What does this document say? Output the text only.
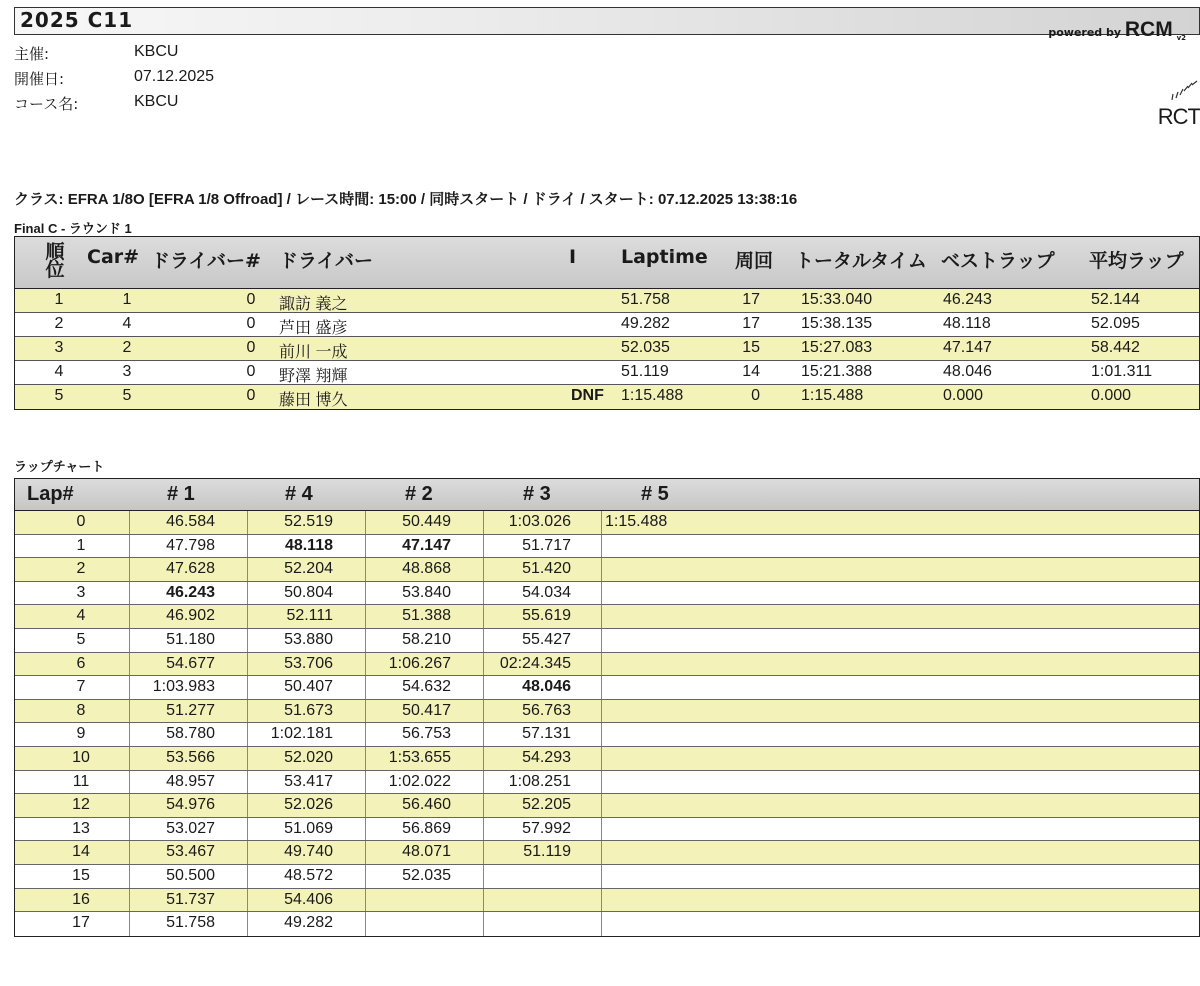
2025 C11
powered by RCM v2
主催:	KBCU
開催日:	07.12.2025
コース名:	KBCU
RCT
クラス: EFRA 1/8O [EFRA 1/8 Offroad] / レース時間: 15:00 / 同時スタート / ドライ / スタート: 07.12.2025 13:38:16
Final C - ラウンド 1
順位
Car# ドライバー# ドライバー	I Laptime 周回 トータルタイム ベストラップ 平均ラップ
1	1	0 諏訪 義之	51.758	17	15:33.040	46.243	52.144
2	4	0 芦田 盛彦	49.282	17	15:38.135	48.118	52.095
3	2	0 前川 一成	52.035	15	15:27.083	47.147	58.442
4	3	0 野澤 翔輝	51.119	14	15:21.388	48.046	1:01.311
5	5	0 藤田 博久	DNF 1:15.488	0	1:15.488	0.000	0.000
ラップチャート
Lap#	# 1	# 4	# 2	# 3	# 5
0	46.584	52.519	50.449	1:03.026 1:15.488
1	47.798	48.118	47.147	51.717
2	47.628	52.204	48.868	51.420
3	46.243	50.804	53.840	54.034
4	46.902	52.111	51.388	55.619
5	51.180	53.880	58.210	55.427
6	54.677	53.706	1:06.267	02:24.345
7	1:03.983	50.407	54.632	48.046
8	51.277	51.673	50.417	56.763
9	58.780	1:02.181	56.753	57.131
10	53.566	52.020	1:53.655	54.293
11	48.957	53.417	1:02.022	1:08.251
12	54.976	52.026	56.460	52.205
13	53.027	51.069	56.869	57.992
14	53.467	49.740	48.071	51.119
15	50.500	48.572	52.035
16	51.737	54.406
17	51.758	49.282
